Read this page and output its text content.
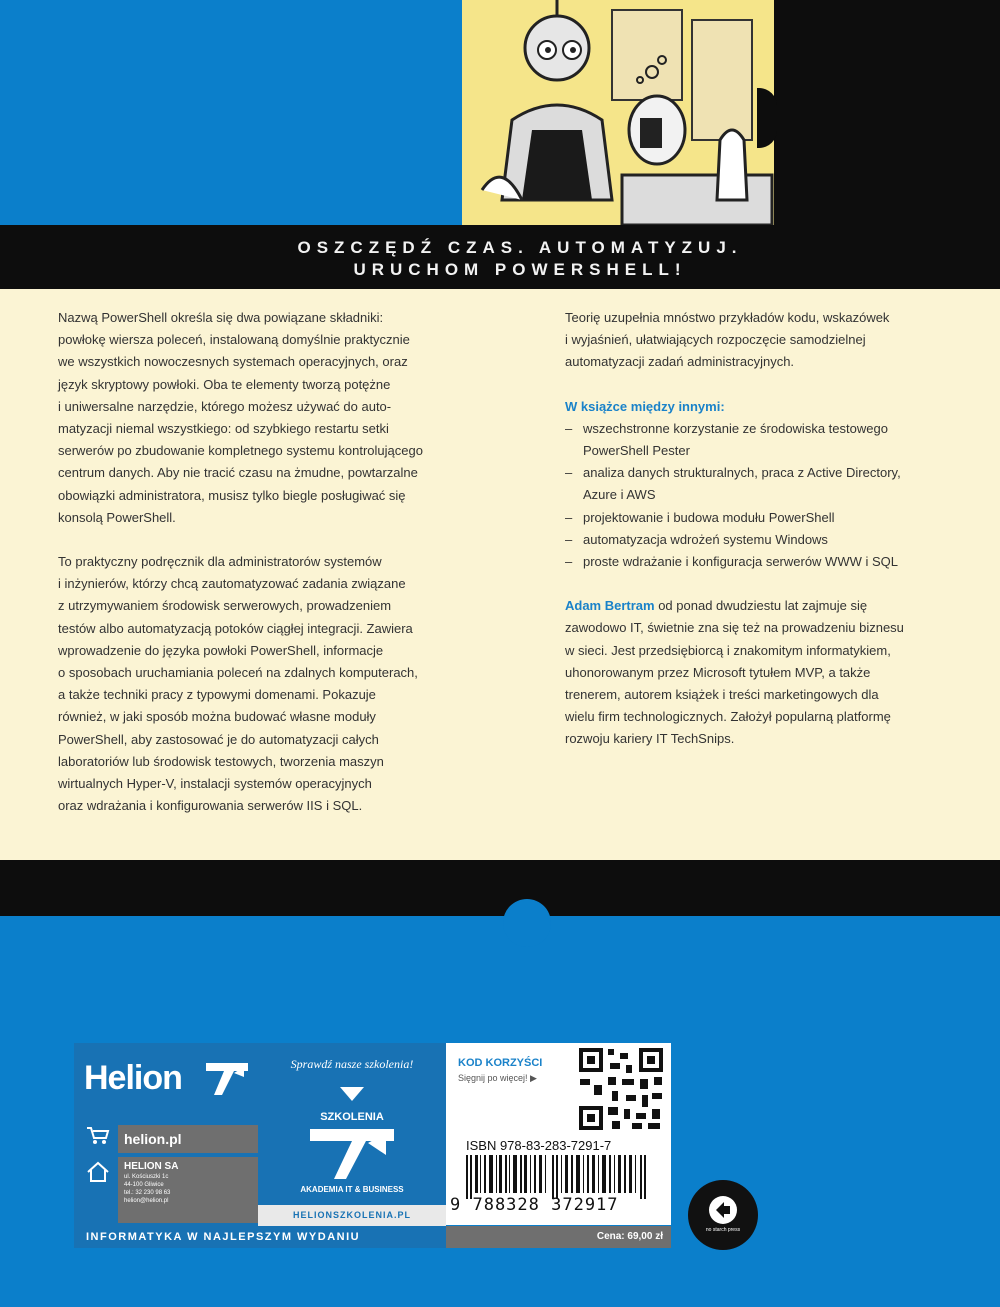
OSZCZĘDŹ CZAS. AUTOMATYZUJ.
URUCHOM POWERSHELL!

Nazwą PowerShell określa się dwa powiązane składniki:
powłokę wiersza poleceń, instalowaną domyślnie praktycznie
we wszystkich nowoczesnych systemach operacyjnych, oraz
język skryptowy powłoki. Oba te elementy tworzą potężne
i uniwersalne narzędzie, którego możesz używać do auto-
matyzacji niemal wszystkiego: od szybkiego restartu setki
serwerów po zbudowanie kompletnego systemu kontrolującego
centrum danych. Aby nie tracić czasu na żmudne, powtarzalne
obowiązki administratora, musisz tylko biegle posługiwać się
konsolą PowerShell.

To praktyczny podręcznik dla administratorów systemów
i inżynierów, którzy chcą zautomatyzować zadania związane
z utrzymywaniem środowisk serwerowych, prowadzeniem
testów albo automatyzacją potoków ciągłej integracji. Zawiera
wprowadzenie do języka powłoki PowerShell, informacje
o sposobach uruchamiania poleceń na zdalnych komputerach,
a także techniki pracy z typowymi domenami. Pokazuje
również, w jaki sposób można budować własne moduły
PowerShell, aby zastosować je do automatyzacji całych
laboratoriów lub środowisk testowych, tworzenia maszyn
wirtualnych Hyper-V, instalacji systemów operacyjnych
oraz wdrażania i konfigurowania serwerów IIS i SQL.

Teorię uzupełnia mnóstwo przykładów kodu, wskazówek
i wyjaśnień, ułatwiających rozpoczęcie samodzielnej
automatyzacji zadań administracyjnych.

W książce między innymi:
– wszechstronne korzystanie ze środowiska testowego
PowerShell Pester
– analiza danych strukturalnych, praca z Active Directory,
Azure i AWS
– projektowanie i budowa modułu PowerShell
– automatyzacja wdrożeń systemu Windows
– proste wdrażanie i konfiguracja serwerów WWW i SQL

Adam Bertram od ponad dwudziestu lat zajmuje się
zawodowo IT, świetnie zna się też na prowadzeniu biznesu
w sieci. Jest przedsiębiorcą i znakomitym informatykiem,
uhonorowanym przez Microsoft tytułem MVP, a także
trenerem, autorem książek i treści marketingowych dla
wielu firm technologicznych. Założył popularną platformę
rozwoju kariery IT TechSnips.

Helion
helion.pl
HELION SA
ul. Kościuszki 1c
44-100 Gliwice
tel.: 32 230 98 63
helion@helion.pl
Sprawdź nasze szkolenia!
SZKOLENIA
AKADEMIA IT & BUSINESS
HELIONSZKOLENIA.PL
KOD KORZYŚCI
Sięgnij po więcej! ▶
ISBN 978-83-283-7291-7
9 788328 372917
INFORMATYKA W NAJLEPSZYM WYDANIU	Cena: 69,00 zł
no starch press
